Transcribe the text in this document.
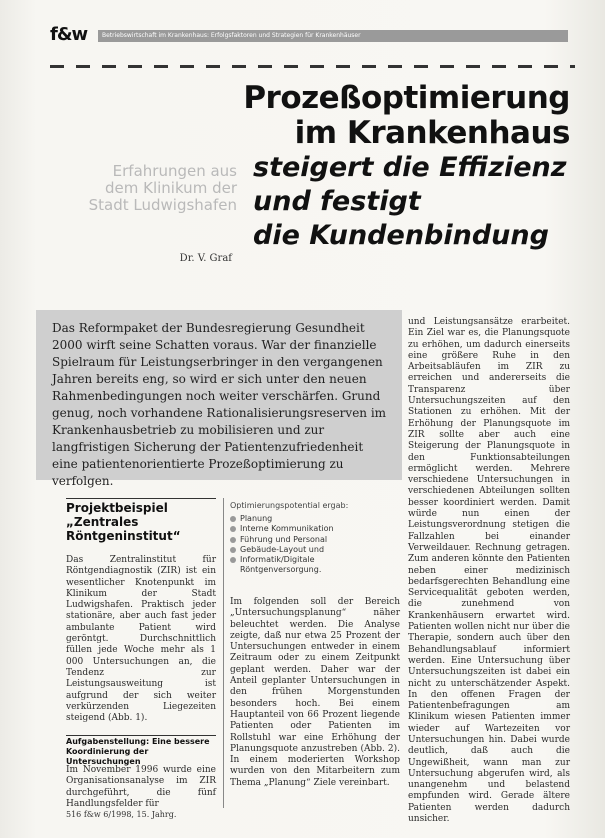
f&w Betriebswirtschaft im Krankenhaus: Erfolgsfaktoren und Strategien für Krankenhäuser
Prozeßoptimierung
im Krankenhaus
Erfahrungen aus dem Klinikum der Stadt Ludwigshafen
steigert die Effizienz
und festigt
die Kundenbindung
Dr. V. Graf
Das Reformpaket der Bundesregierung Gesundheit 2000 wirft seine Schatten voraus. War der finanzielle Spielraum für Leistungserbringer in den vergangenen Jahren bereits eng, so wird er sich unter den neuen Rahmenbedingungen noch weiter verschärfen. Grund genug, noch vorhandene Rationalisierungsreserven im Krankenhausbetrieb zu mobilisieren und zur langfristigen Sicherung der Patientenzufriedenheit eine patientenorientierte Prozeßoptimierung zu verfolgen.
und Leistungsansätze erarbeitet. Ein Ziel war es, die Planungsquote zu erhöhen, um dadurch einerseits eine größere Ruhe in den Arbeitsabläufen im ZIR zu erreichen und andererseits die Transparenz über Untersuchungszeiten auf den Stationen zu erhöhen. Mit der Erhöhung der Planungsquote im ZIR sollte aber auch eine Steigerung der Planungsquote in den Funktionsabteilungen ermöglicht werden. Mehrere verschiedene Untersuchungen in verschiedenen Abteilungen sollten besser koordiniert werden. Damit würde nun einen der Leistungsverordnung stetigen die Fallzahlen bei einander Verweildauer. Rechnung getragen. Zum anderen könnte den Patienten neben einer medizinisch bedarfsgerechten Behandlung eine Servicequalität geboten werden, die zunehmend von Krankenhäusern erwartet wird. Patienten wollen nicht nur über die Therapie, sondern auch über den Behandlungsablauf informiert werden. Eine Untersuchung über Untersuchungszeiten ist dabei ein nicht zu unterschätzender Aspekt. In den offenen Fragen der Patientenbefragungen am Klinikum wiesen Patienten immer wieder auf Wartezeiten vor Untersuchungen hin. Dabei wurde deutlich, daß auch die Ungewißheit, wann man zur Untersuchung abgerufen wird, als unangenehm und belastend empfunden wird. Gerade ältere Patienten werden dadurch unsicher.
Projektbeispiel „Zentrales Röntgeninstitut“
Das Zentralinstitut für Röntgendiagnostik (ZIR) ist ein wesentlicher Knotenpunkt im Klinikum der Stadt Ludwigshafen. Praktisch jeder stationäre, aber auch fast jeder ambulante Patient wird geröntgt. Durchschnittlich füllen jede Woche mehr als 1 000 Untersuchungen an, die Tendenz zur Leistungsausweitung ist aufgrund der sich weiter verkürzenden Liegezeiten steigend (Abb. 1).
Optimierungspotential ergab:
Planung
Interne Kommunikation
Führung und Personal
Gebäude-Layout und
Informatik/Digitale Röntgenversorgung.
Im folgenden soll der Bereich „Untersuchungsplanung“ näher beleuchtet werden. Die Analyse zeigte, daß nur etwa 25 Prozent der Untersuchungen entweder in einem Zeitraum oder zu einem Zeitpunkt geplant werden. Daher war der Anteil geplanter Untersuchungen in den frühen Morgenstunden besonders hoch. Bei einem Hauptanteil von 66 Prozent liegende Patienten oder Patienten im Rollstuhl war eine Erhöhung der Planungsquote anzustreben (Abb. 2). In einem moderierten Workshop wurden von den Mitarbeitern zum Thema „Planung“ Ziele vereinbart.
Aufgabenstellung: Eine bessere Koordinierung der Untersuchungen
Im November 1996 wurde eine Organisationsanalyse im ZIR durchgeführt, die fünf Handlungsfelder für
516 f&w 6/1998, 15. Jahrg.
